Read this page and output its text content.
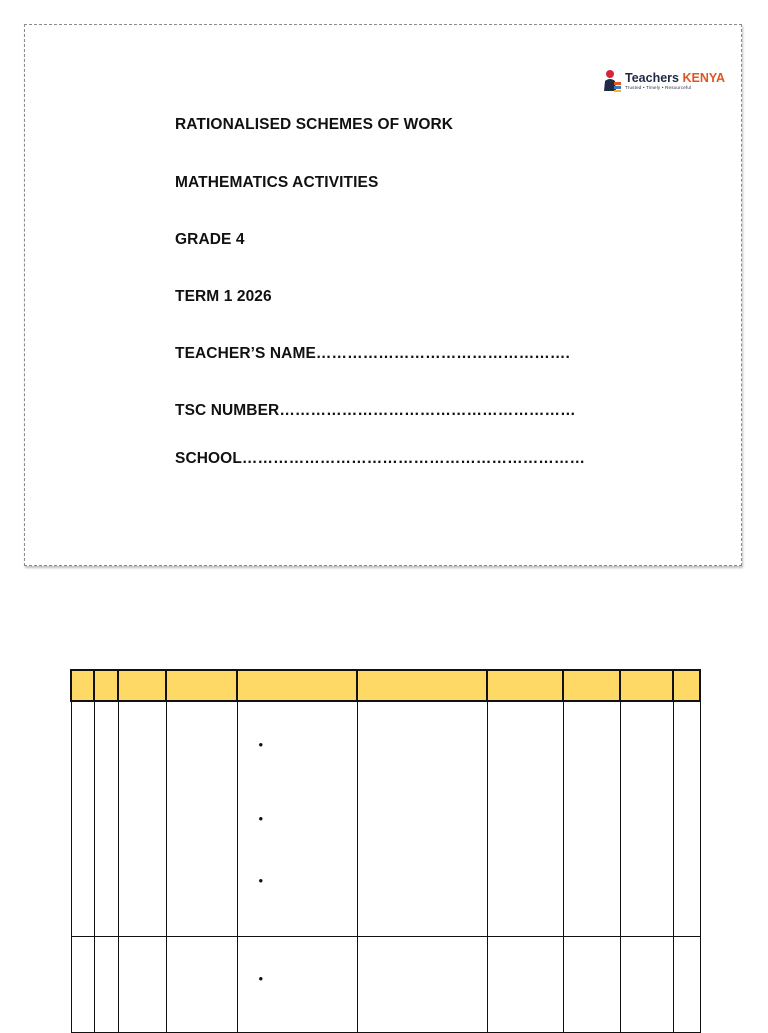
Teachers KENYA
Trusted • Timely • Resourceful
RATIONALISED SCHEMES OF WORK
MATHEMATICS ACTIVITIES
GRADE 4
TERM 1 2026
TEACHER’S NAME………………………………………….
TSC NUMBER…………………………………………………
SCHOOL…………………………………………………………

				•
•
•					

				•					
